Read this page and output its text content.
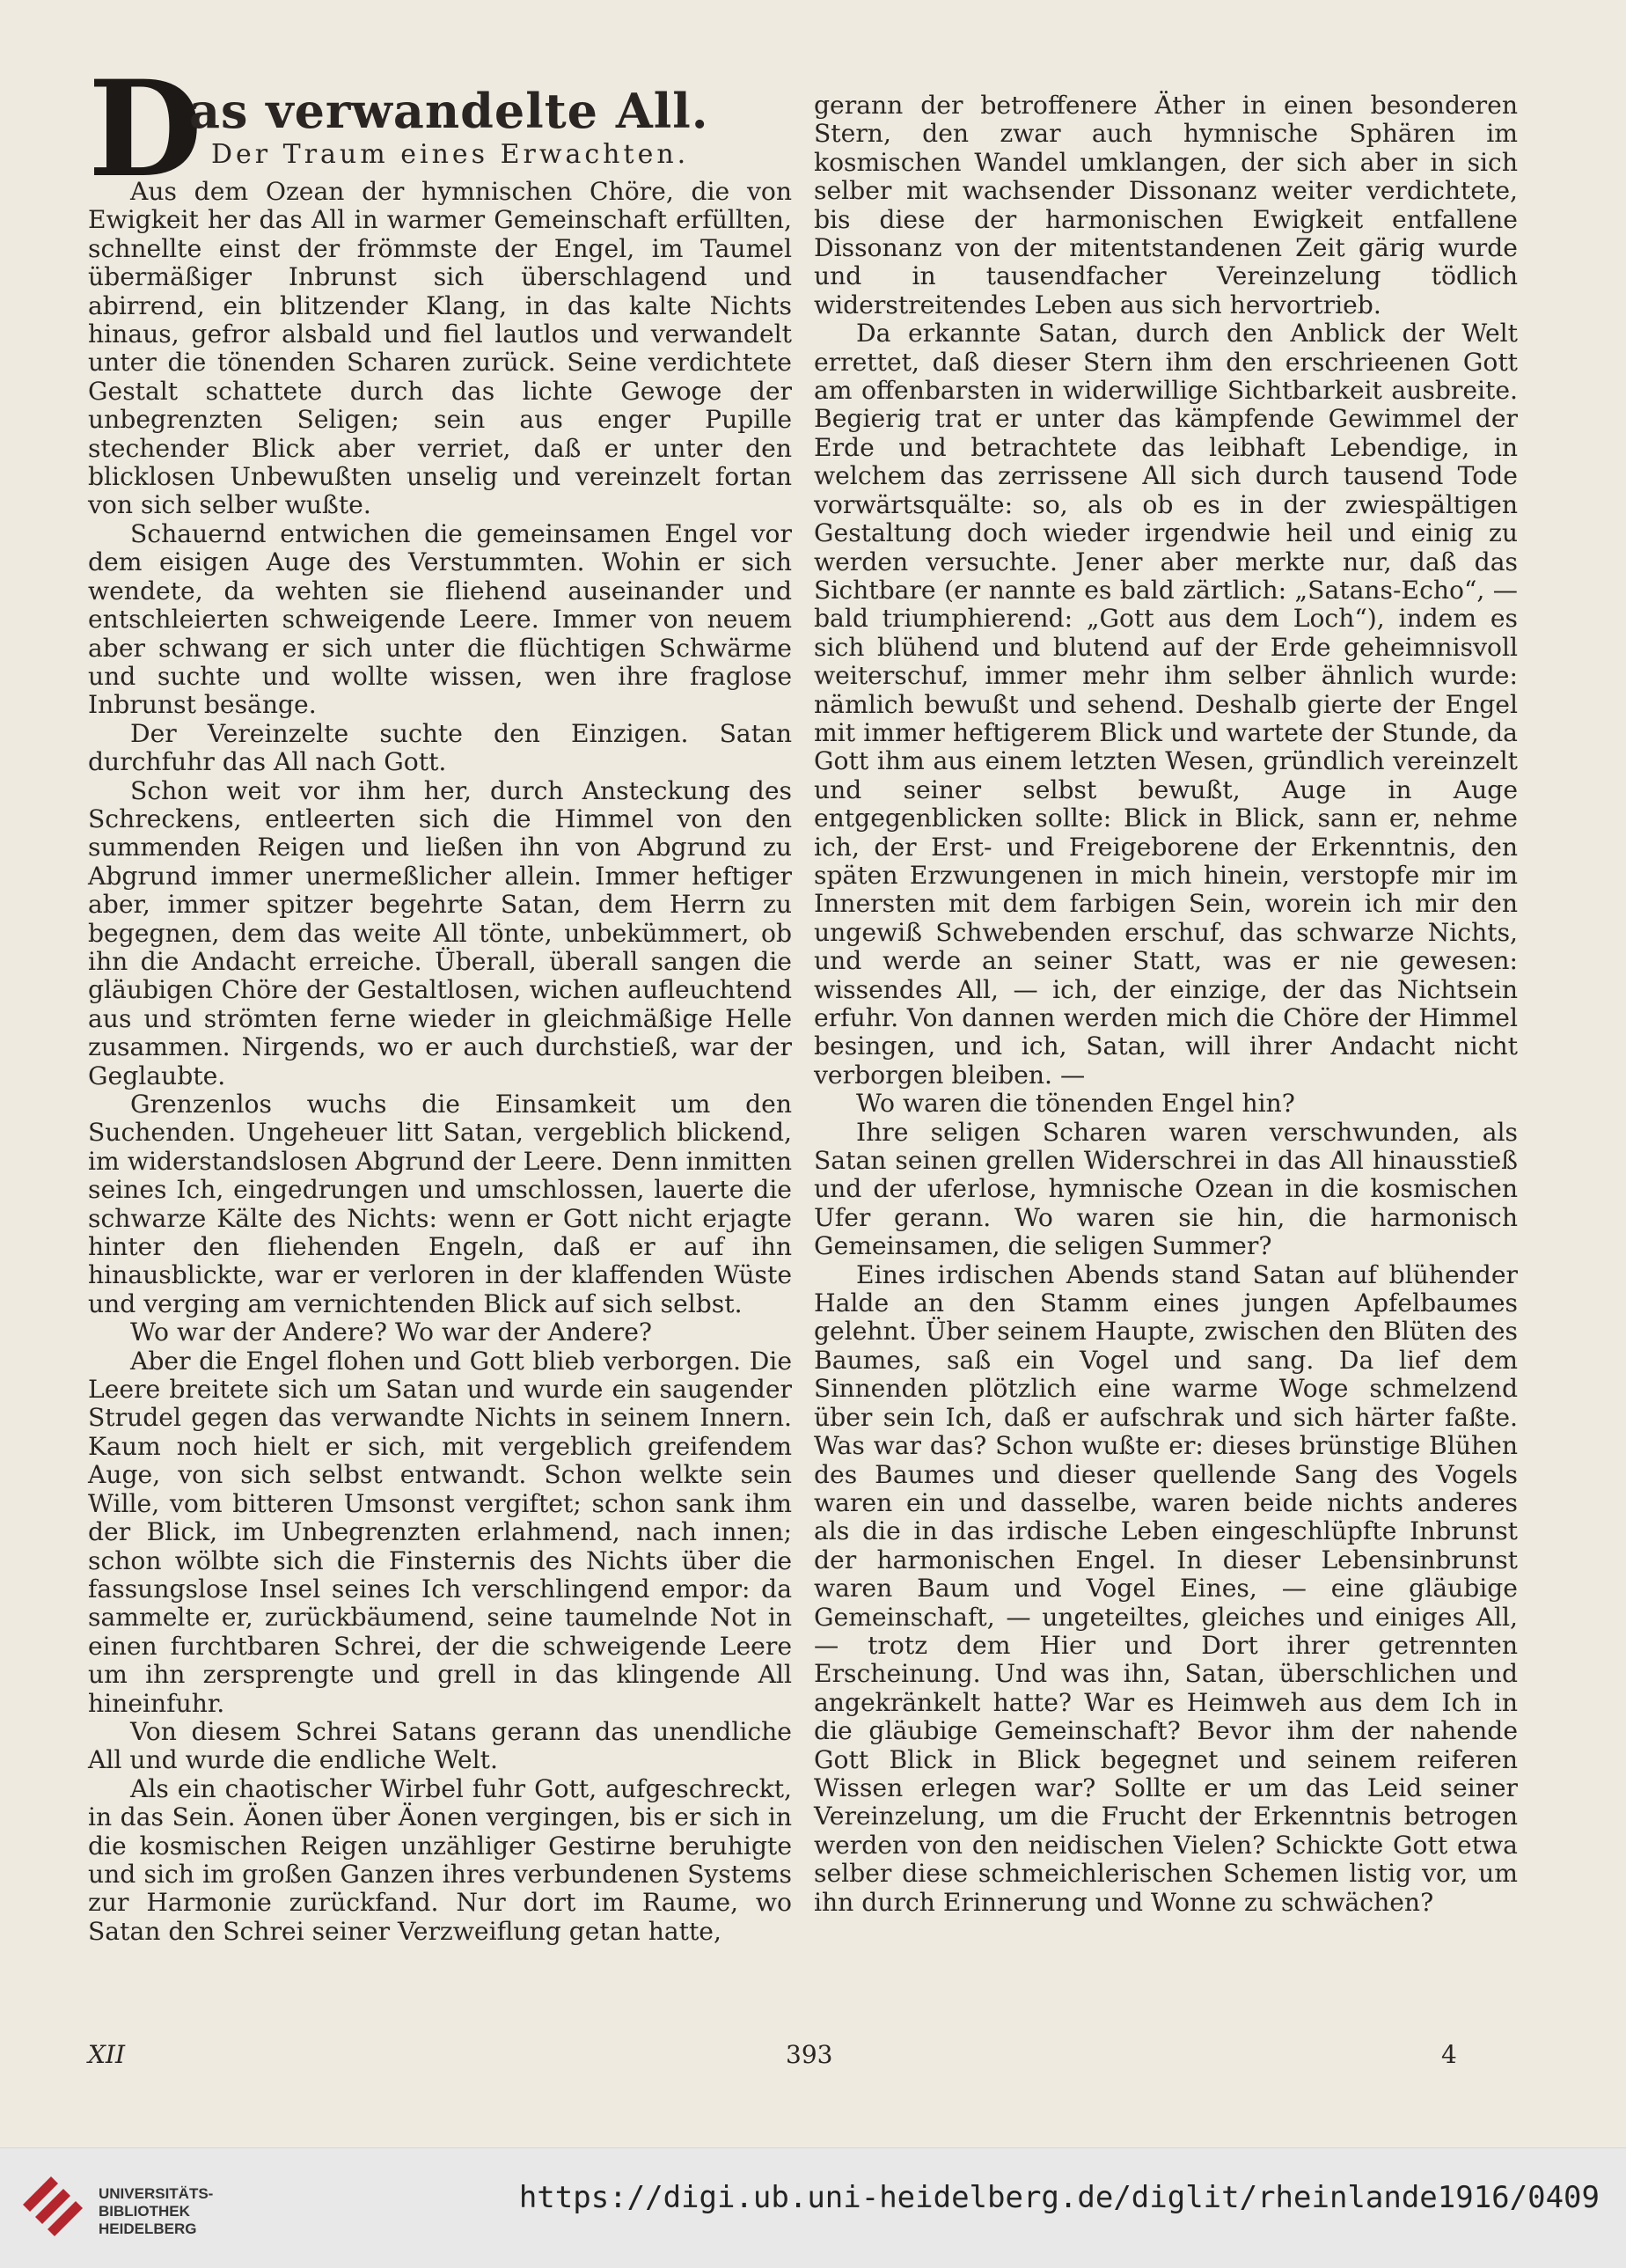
D
as verwandelte All.
Der Traum eines Erwachten.

Aus dem Ozean der hymnischen Chöre, die von Ewigkeit her das All in warmer Gemeinschaft erfüllten, schnellte einst der frömmste der Engel, im Taumel übermäßiger Inbrunst sich überschlagend und abirrend, ein blitzender Klang, in das kalte Nichts hinaus, gefror alsbald und fiel lautlos und verwandelt unter die tönenden Scharen zurück. Seine verdichtete Gestalt schattete durch das lichte Gewoge der unbegrenzten Seligen; sein aus enger Pupille stechender Blick aber verriet, daß er unter den blicklosen Unbewußten unselig und vereinzelt fortan von sich selber wußte.

Schauernd entwichen die gemeinsamen Engel vor dem eisigen Auge des Verstummten. Wohin er sich wendete, da wehten sie fliehend auseinander und entschleierten schweigende Leere. Immer von neuem aber schwang er sich unter die flüchtigen Schwärme und suchte und wollte wissen, wen ihre fraglose Inbrunst besänge.

Der Vereinzelte suchte den Einzigen. Satan durchfuhr das All nach Gott.

Schon weit vor ihm her, durch Ansteckung des Schreckens, entleerten sich die Himmel von den summenden Reigen und ließen ihn von Abgrund zu Abgrund immer unermeßlicher allein. Immer heftiger aber, immer spitzer begehrte Satan, dem Herrn zu begegnen, dem das weite All tönte, unbekümmert, ob ihn die Andacht erreiche. Überall, überall sangen die gläubigen Chöre der Gestaltlosen, wichen aufleuchtend aus und strömten ferne wieder in gleichmäßige Helle zusammen. Nirgends, wo er auch durchstieß, war der Geglaubte.

Grenzenlos wuchs die Einsamkeit um den Suchenden. Ungeheuer litt Satan, vergeblich blickend, im widerstandslosen Abgrund der Leere. Denn inmitten seines Ich, eingedrungen und umschlossen, lauerte die schwarze Kälte des Nichts: wenn er Gott nicht erjagte hinter den fliehenden Engeln, daß er auf ihn hinausblickte, war er verloren in der klaffenden Wüste und verging am vernichtenden Blick auf sich selbst.

Wo war der Andere? Wo war der Andere?

Aber die Engel flohen und Gott blieb verborgen. Die Leere breitete sich um Satan und wurde ein saugender Strudel gegen das verwandte Nichts in seinem Innern. Kaum noch hielt er sich, mit vergeblich greifendem Auge, von sich selbst entwandt. Schon welkte sein Wille, vom bitteren Umsonst vergiftet; schon sank ihm der Blick, im Unbegrenzten erlahmend, nach innen; schon wölbte sich die Finsternis des Nichts über die fassungslose Insel seines Ich verschlingend empor: da sammelte er, zurückbäumend, seine taumelnde Not in einen furchtbaren Schrei, der die schweigende Leere um ihn zersprengte und grell in das klingende All hineinfuhr.

Von diesem Schrei Satans gerann das unendliche All und wurde die endliche Welt.

Als ein chaotischer Wirbel fuhr Gott, aufgeschreckt, in das Sein. Äonen über Äonen vergingen, bis er sich in die kosmischen Reigen unzähliger Gestirne beruhigte und sich im großen Ganzen ihres verbundenen Systems zur Harmonie zurückfand. Nur dort im Raume, wo Satan den Schrei seiner Verzweiflung getan hatte,

gerann der betroffenere Äther in einen besonderen Stern, den zwar auch hymnische Sphären im kosmischen Wandel umklangen, der sich aber in sich selber mit wachsender Dissonanz weiter verdichtete, bis diese der harmonischen Ewigkeit entfallene Dissonanz von der mitentstandenen Zeit gärig wurde und in tausendfacher Vereinzelung tödlich widerstreitendes Leben aus sich hervortrieb.

Da erkannte Satan, durch den Anblick der Welt errettet, daß dieser Stern ihm den erschrieenen Gott am offenbarsten in widerwillige Sichtbarkeit ausbreite. Begierig trat er unter das kämpfende Gewimmel der Erde und betrachtete das leibhaft Lebendige, in welchem das zerrissene All sich durch tausend Tode vorwärtsquälte: so, als ob es in der zwiespältigen Gestaltung doch wieder irgendwie heil und einig zu werden versuchte. Jener aber merkte nur, daß das Sichtbare (er nannte es bald zärtlich: „Satans-Echo“, — bald triumphierend: „Gott aus dem Loch“), indem es sich blühend und blutend auf der Erde geheimnisvoll weiterschuf, immer mehr ihm selber ähnlich wurde: nämlich bewußt und sehend. Deshalb gierte der Engel mit immer heftigerem Blick und wartete der Stunde, da Gott ihm aus einem letzten Wesen, gründlich vereinzelt und seiner selbst bewußt, Auge in Auge entgegenblicken sollte: Blick in Blick, sann er, nehme ich, der Erst- und Freigeborene der Erkenntnis, den späten Erzwungenen in mich hinein, verstopfe mir im Innersten mit dem farbigen Sein, worein ich mir den ungewiß Schwebenden erschuf, das schwarze Nichts, und werde an seiner Statt, was er nie gewesen: wissendes All, — ich, der einzige, der das Nichtsein erfuhr. Von dannen werden mich die Chöre der Himmel besingen, und ich, Satan, will ihrer Andacht nicht verborgen bleiben. —

Wo waren die tönenden Engel hin?

Ihre seligen Scharen waren verschwunden, als Satan seinen grellen Widerschrei in das All hinausstieß und der uferlose, hymnische Ozean in die kosmischen Ufer gerann. Wo waren sie hin, die harmonisch Gemeinsamen, die seligen Summer?

Eines irdischen Abends stand Satan auf blühender Halde an den Stamm eines jungen Apfelbaumes gelehnt. Über seinem Haupte, zwischen den Blüten des Baumes, saß ein Vogel und sang. Da lief dem Sinnenden plötzlich eine warme Woge schmelzend über sein Ich, daß er aufschrak und sich härter faßte. Was war das? Schon wußte er: dieses brünstige Blühen des Baumes und dieser quellende Sang des Vogels waren ein und dasselbe, waren beide nichts anderes als die in das irdische Leben eingeschlüpfte Inbrunst der harmonischen Engel. In dieser Lebensinbrunst waren Baum und Vogel Eines, — eine gläubige Gemeinschaft, — ungeteiltes, gleiches und einiges All, — trotz dem Hier und Dort ihrer getrennten Erscheinung. Und was ihn, Satan, überschlichen und angekränkelt hatte? War es Heimweh aus dem Ich in die gläubige Gemeinschaft? Bevor ihm der nahende Gott Blick in Blick begegnet und seinem reiferen Wissen erlegen war? Sollte er um das Leid seiner Vereinzelung, um die Frucht der Erkenntnis betrogen werden von den neidischen Vielen? Schickte Gott etwa selber diese schmeichlerischen Schemen listig vor, um ihn durch Erinnerung und Wonne zu schwächen?

XII	393	4
UNIVERSITÄTS-
BIBLIOTHEK
HEIDELBERG
https://digi.ub.uni-heidelberg.de/diglit/rheinlande1916/0409
